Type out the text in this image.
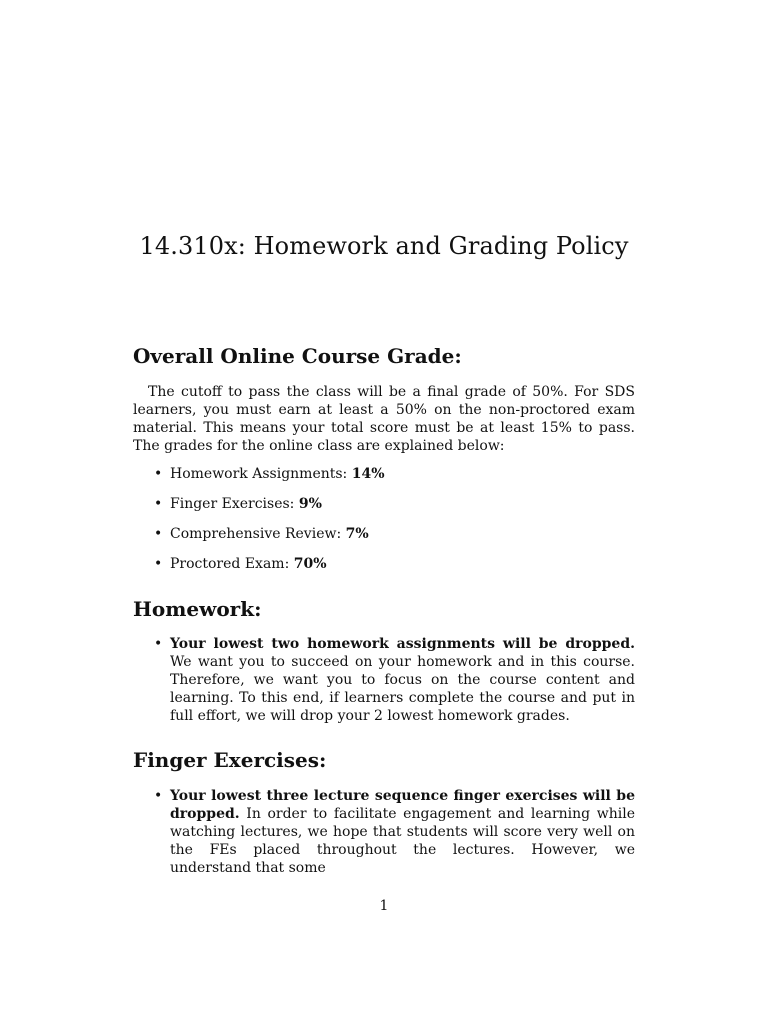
14.310x: Homework and Grading Policy
Overall Online Course Grade:

The cutoff to pass the class will be a final grade of 50%. For SDS learners, you must earn at least a 50% on the non-proctored exam material. This means your total score must be at least 15% to pass. The grades for the online class are explained below:

• Homework Assignments: 14%
• Finger Exercises: 9%
• Comprehensive Review: 7%
• Proctored Exam: 70%
Homework:
• Your lowest two homework assignments will be dropped. We want you to succeed on your homework and in this course. Therefore, we want you to focus on the course content and learning. To this end, if learners complete the course and put in full effort, we will drop your 2 lowest homework grades.
Finger Exercises:
• Your lowest three lecture sequence finger exercises will be dropped. In order to facilitate engagement and learning while watching lectures, we hope that students will score very well on the FEs placed throughout the lectures. However, we understand that some
1
